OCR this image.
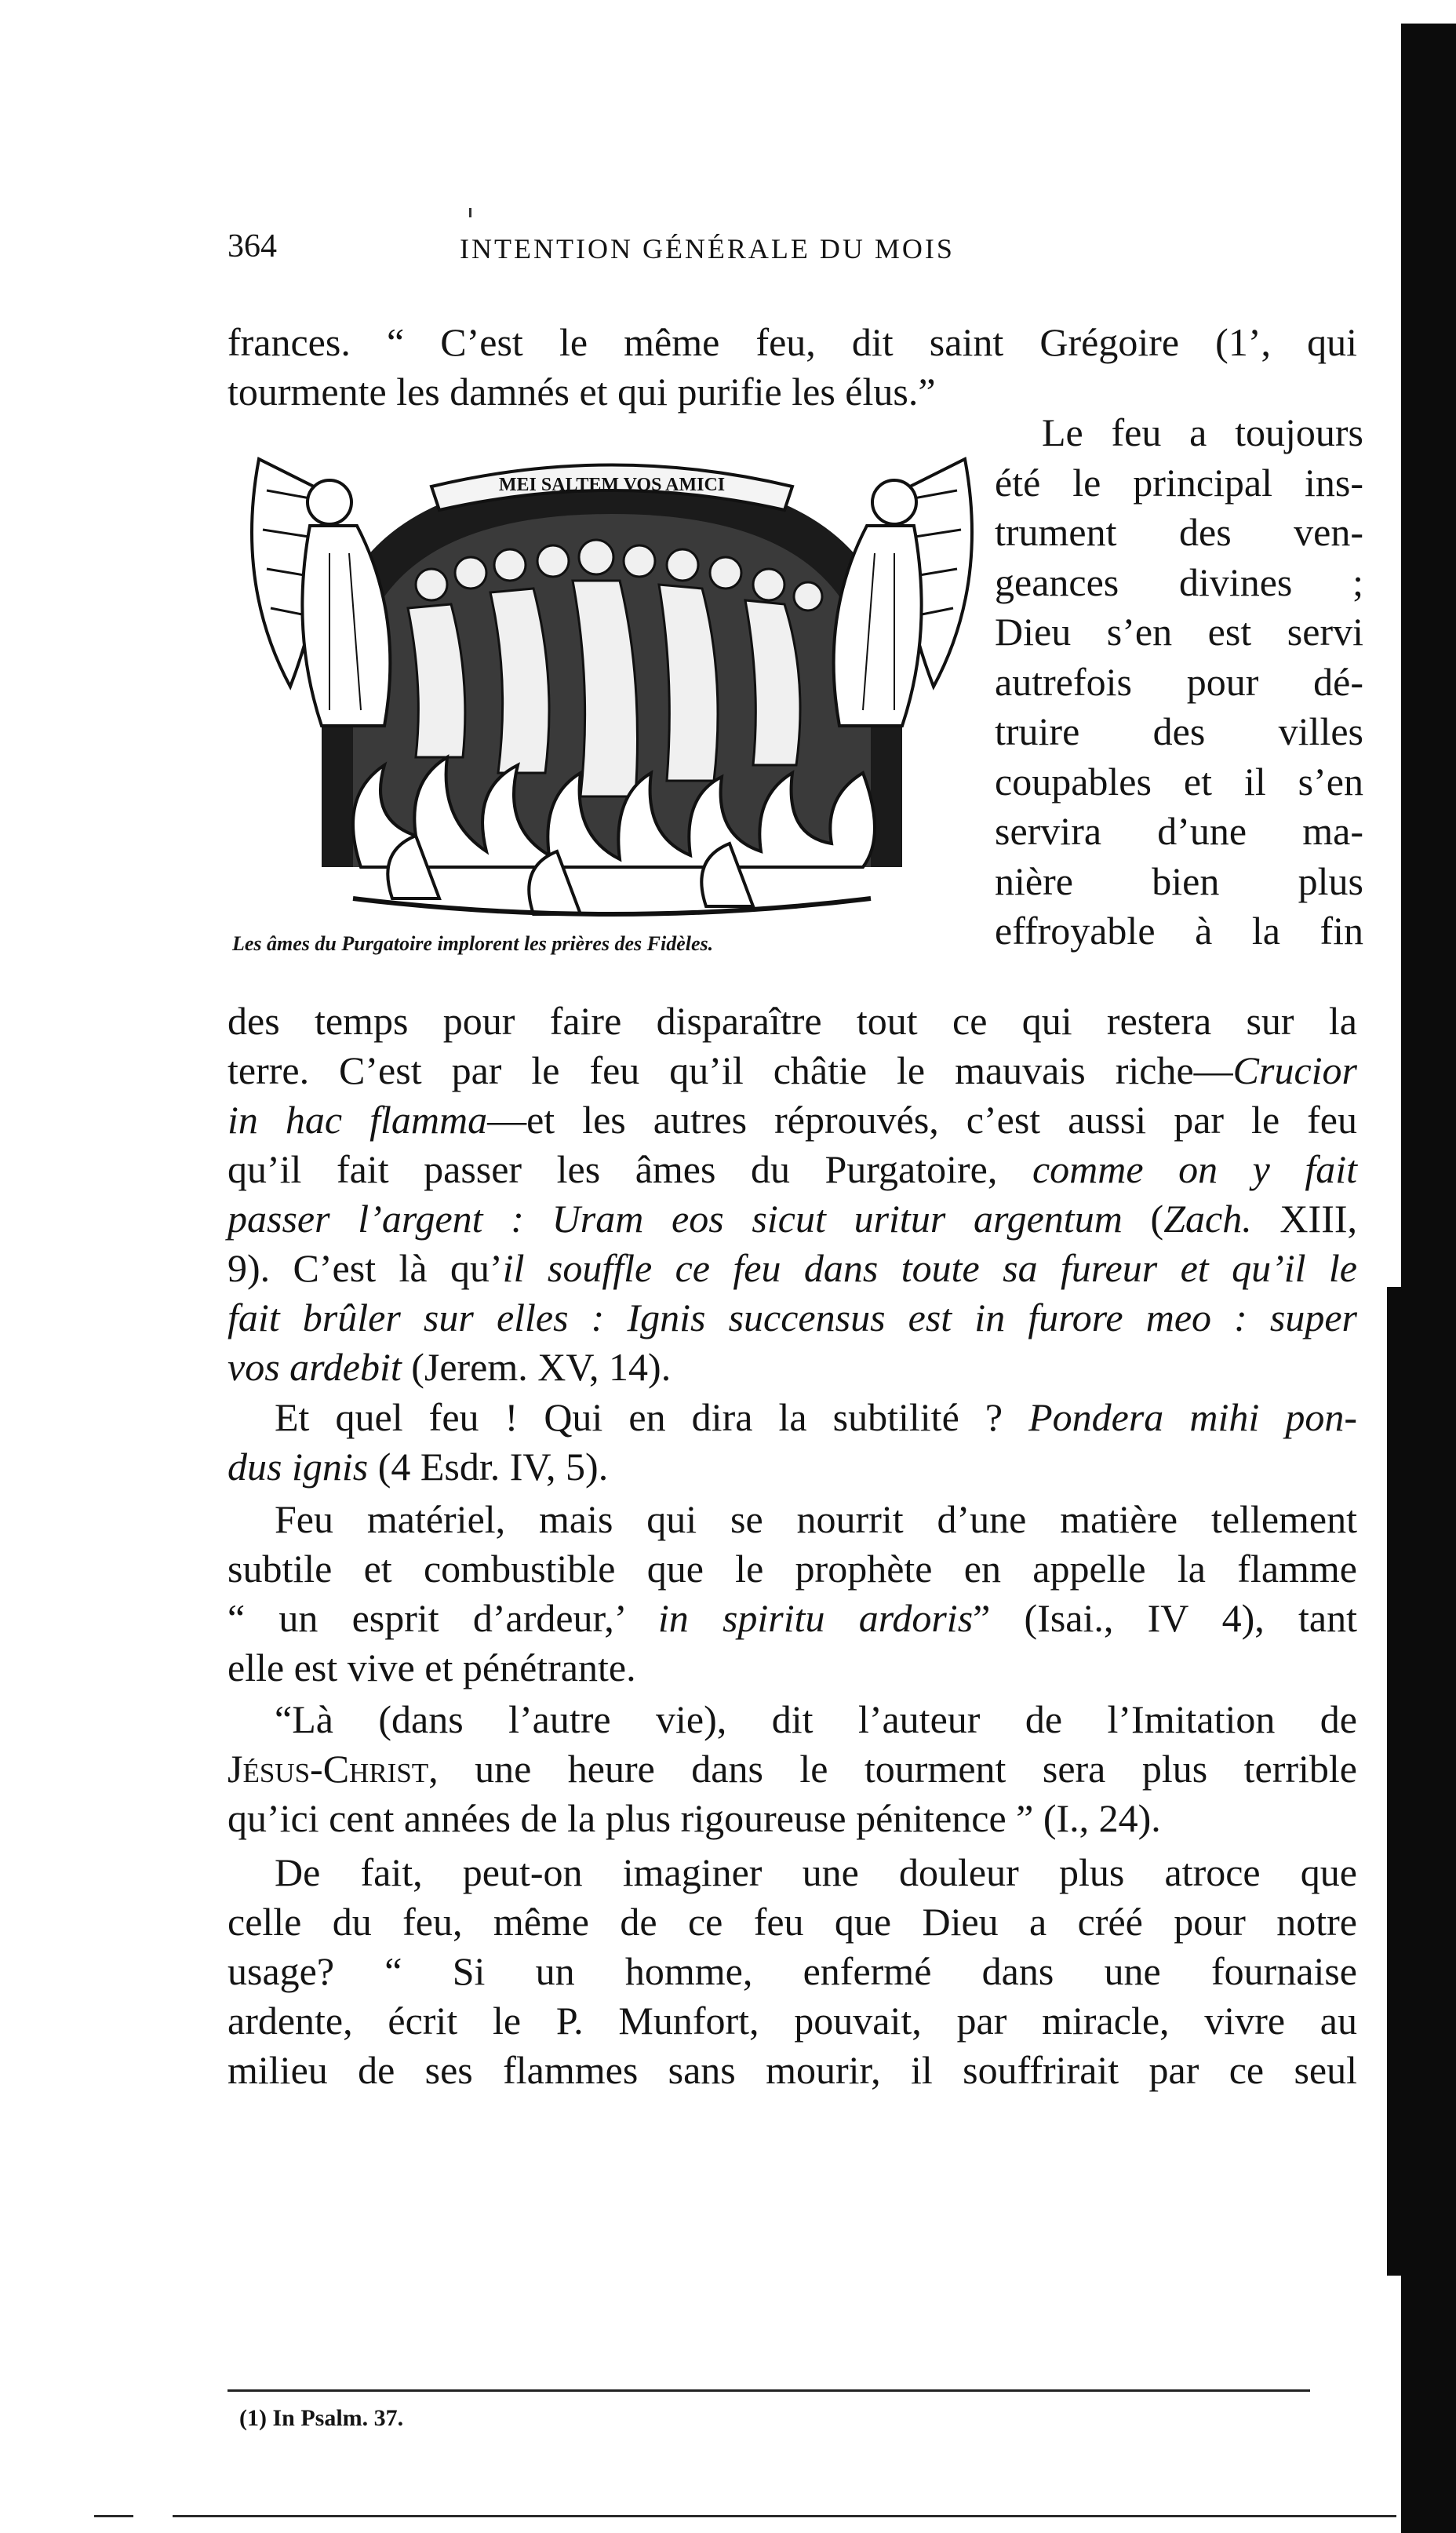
364	INTENTION GÉNÉRALE DU MOIS
frances. “ C’est le même feu, dit saint Grégoire (1’, qui
tourmente les damnés et qui purifie les élus.”
MEI SALTEM VOS AMICI
Les âmes du Purgatoire implorent les prières des Fidèles.
Le feu a toujours
été le principal ins-
trument des ven-
geances divines ;
Dieu s’en est servi
autrefois pour dé-
truire des villes
coupables et il s’en
servira d’une ma-
nière bien plus
effroyable à la fin
des temps pour faire disparaître tout ce qui restera sur la
terre. C’est par le feu qu’il châtie le mauvais riche—Crucior
in hac flamma—et les autres réprouvés, c’est aussi par le feu
qu’il fait passer les âmes du Purgatoire, comme on y fait
passer l’argent : Uram eos sicut uritur argentum (Zach. XIII,
9). C’est là qu’il souffle ce feu dans toute sa fureur et qu’il le
fait brûler sur elles : Ignis succensus est in furore meo : super
vos ardebit (Jerem. XV, 14).
Et quel feu ! Qui en dira la subtilité ? Pondera mihi pon-
dus ignis (4 Esdr. IV, 5).
Feu matériel, mais qui se nourrit d’une matière tellement
subtile et combustible que le prophète en appelle la flamme
“ un esprit d’ardeur,’ in spiritu ardoris” (Isai., IV 4), tant
elle est vive et pénétrante.
“Là (dans l’autre vie), dit l’auteur de l’Imitation de
Jésus-Christ, une heure dans le tourment sera plus terrible
qu’ici cent années de la plus rigoureuse pénitence ” (I., 24).
De fait, peut-on imaginer une douleur plus atroce que
celle du feu, même de ce feu que Dieu a créé pour notre
usage? “ Si un homme, enfermé dans une fournaise
ardente, écrit le P. Munfort, pouvait, par miracle, vivre au
milieu de ses flammes sans mourir, il souffrirait par ce seul
(1) In Psalm. 37.
